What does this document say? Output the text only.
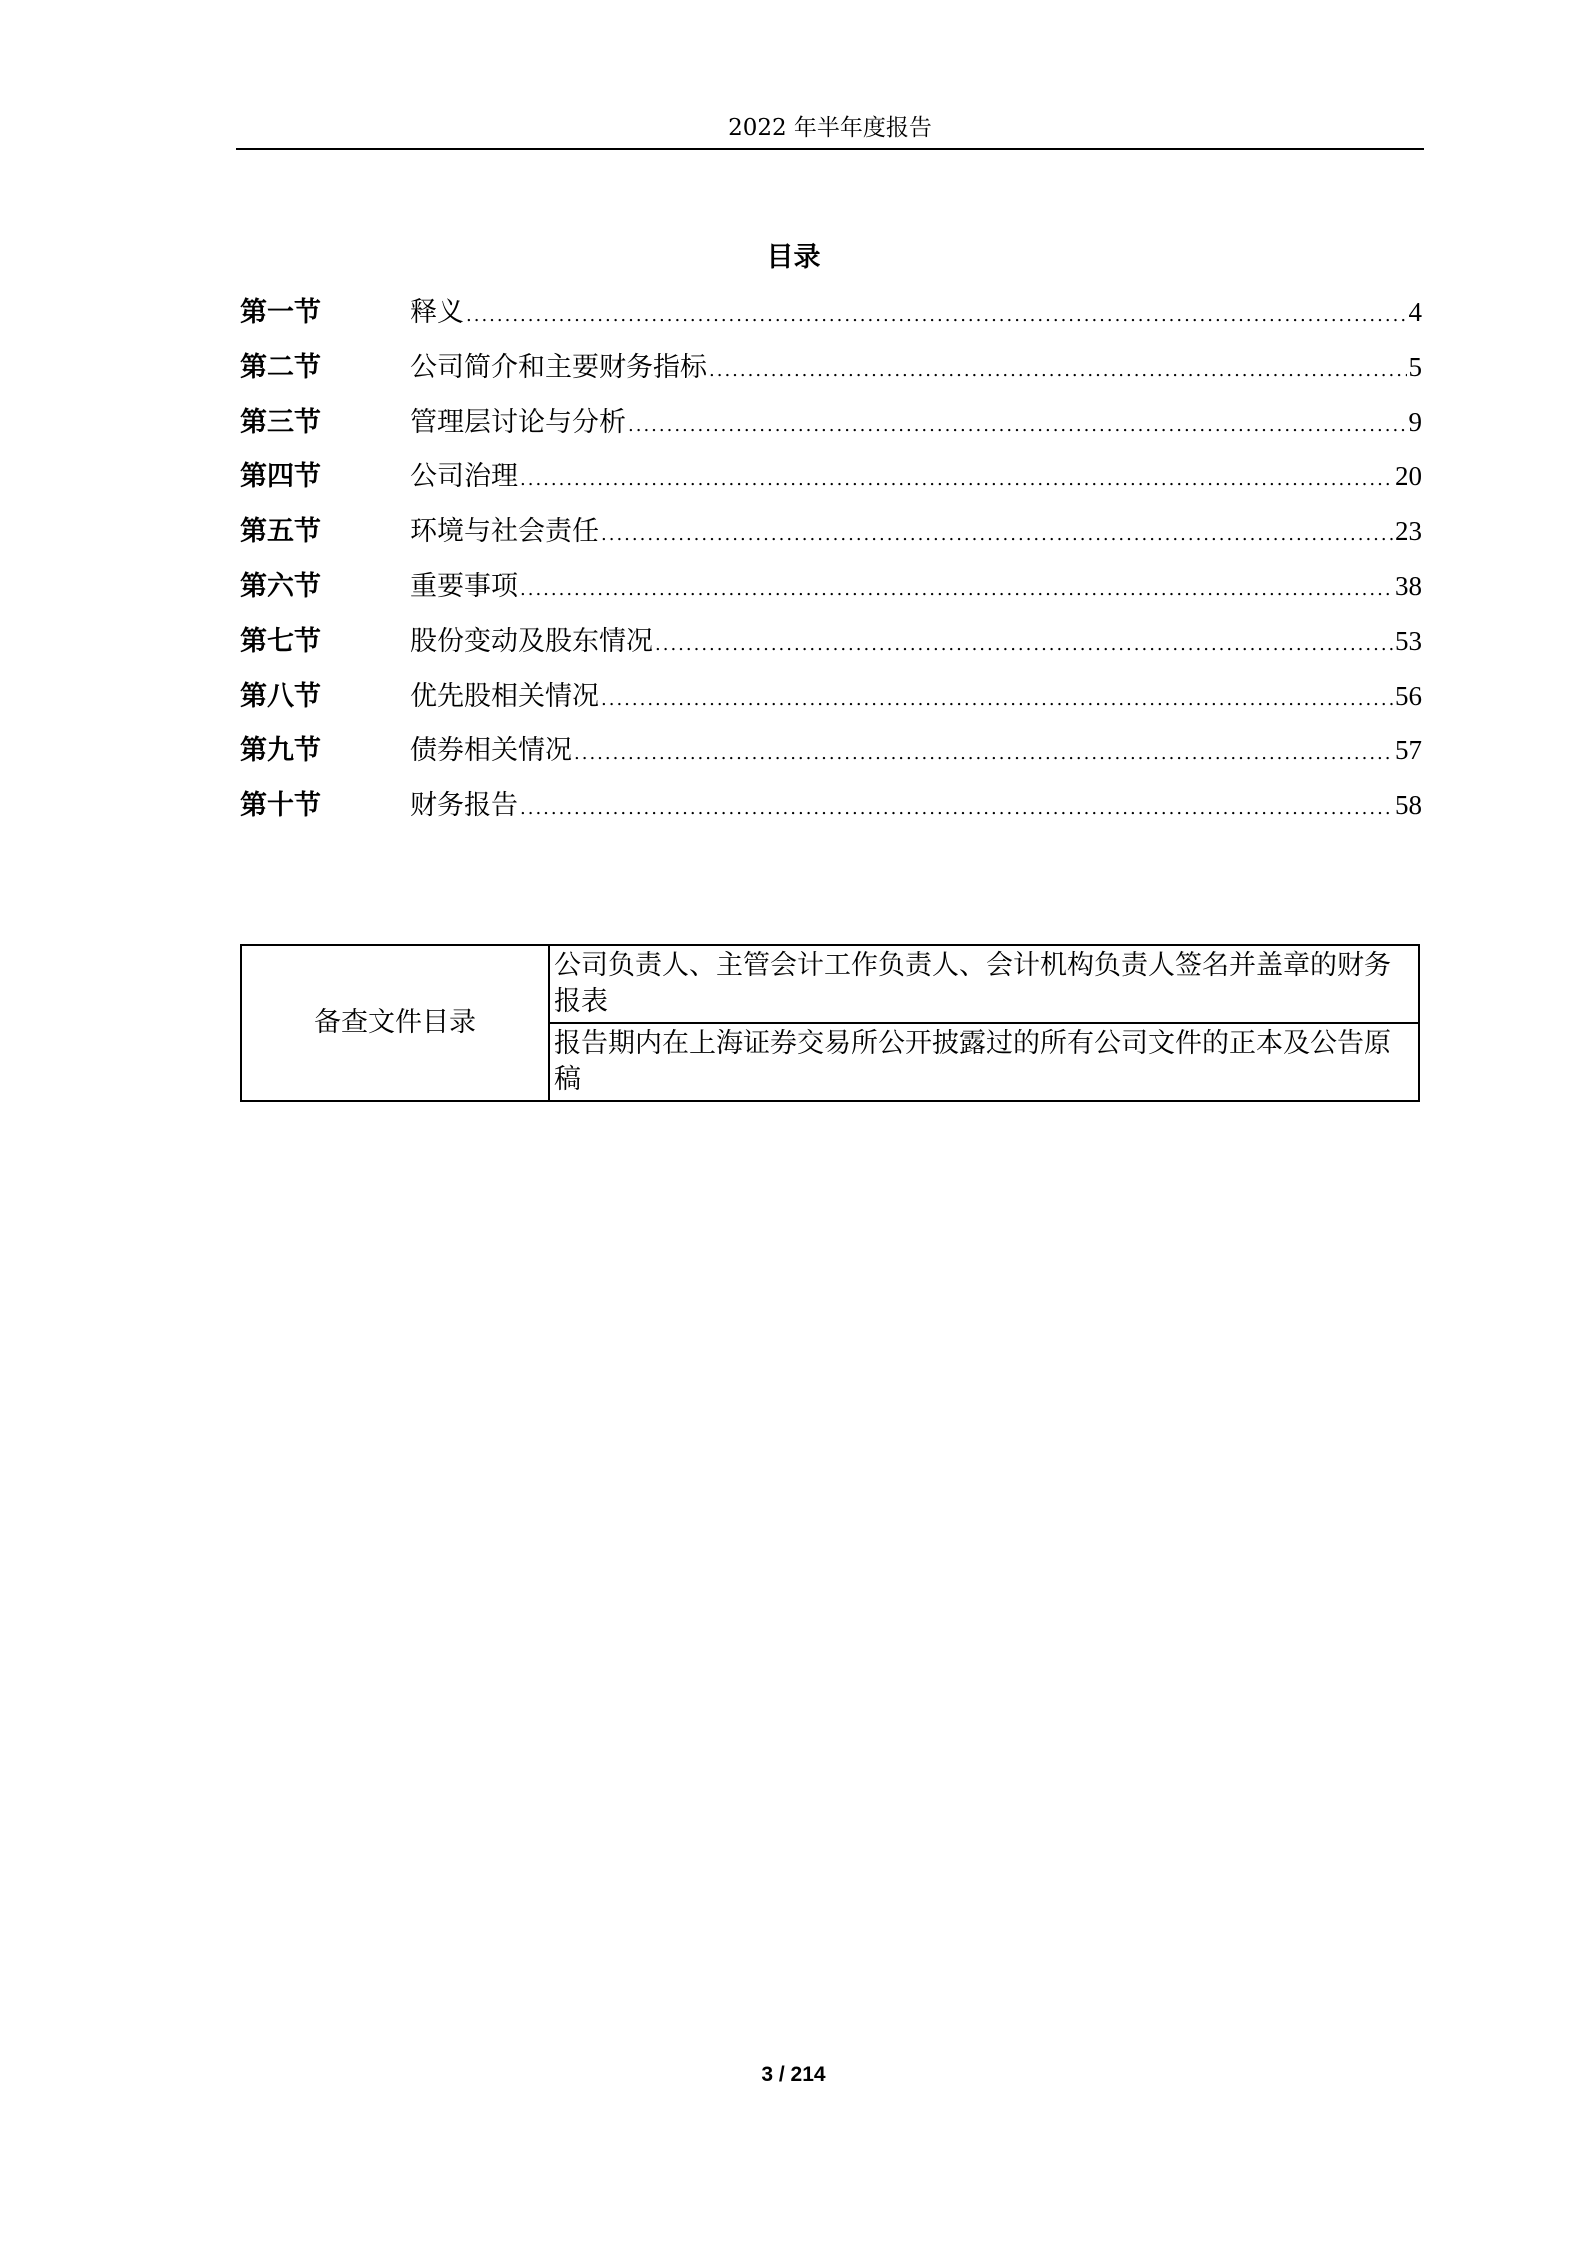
2022 年半年度报告
目录
第一节	释义 .....	4
第二节	公司简介和主要财务指标 .....	5
第三节	管理层讨论与分析 .....	9
第四节	公司治理 .....	20
第五节	环境与社会责任 .....	23
第六节	重要事项 .....	38
第七节	股份变动及股东情况 .....	53
第八节	优先股相关情况 .....	56
第九节	债券相关情况 .....	57
第十节	财务报告 .....	58
备查文件目录	公司负责人、主管会计工作负责人、会计机构负责人签名并盖章的财务报表
报告期内在上海证券交易所公开披露过的所有公司文件的正本及公告原稿
3 / 214
